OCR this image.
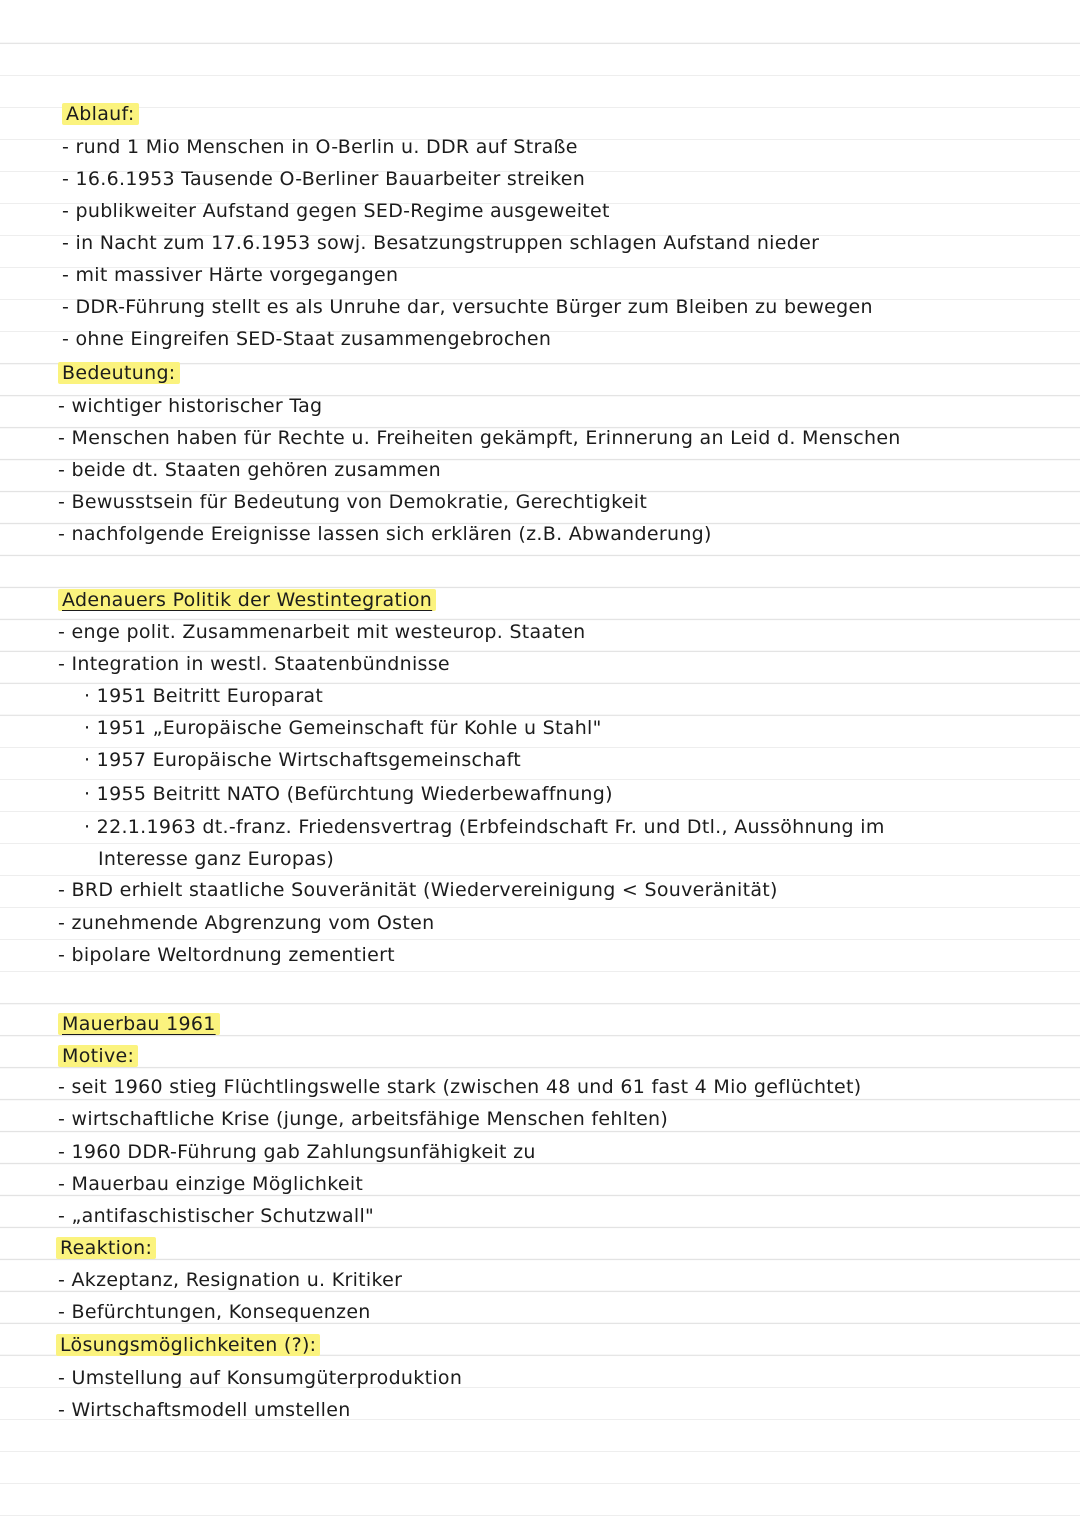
Ablauf:
- rund 1 Mio Menschen in O-Berlin u. DDR auf Straße
- 16.6.1953 Tausende O-Berliner Bauarbeiter streiken
- publikweiter Aufstand gegen SED-Regime ausgeweitet
- in Nacht zum 17.6.1953 sowj. Besatzungstruppen schlagen Aufstand nieder
- mit massiver Härte vorgegangen
- DDR-Führung stellt es als Unruhe dar, versuchte Bürger zum Bleiben zu bewegen
- ohne Eingreifen SED-Staat zusammengebrochen
Bedeutung:
- wichtiger historischer Tag
- Menschen haben für Rechte u. Freiheiten gekämpft, Erinnerung an Leid d. Menschen
- beide dt. Staaten gehören zusammen
- Bewusstsein für Bedeutung von Demokratie, Gerechtigkeit
- nachfolgende Ereignisse lassen sich erklären (z.B. Abwanderung)
Adenauers Politik der Westintegration
- enge polit. Zusammenarbeit mit westeurop. Staaten
- Integration in westl. Staatenbündnisse
· 1951 Beitritt Europarat
· 1951 „Europäische Gemeinschaft für Kohle u Stahl"
· 1957 Europäische Wirtschaftsgemeinschaft
· 1955 Beitritt NATO (Befürchtung Wiederbewaffnung)
· 22.1.1963 dt.-franz. Friedensvertrag (Erbfeindschaft Fr. und Dtl., Aussöhnung im
Interesse ganz Europas)
- BRD erhielt staatliche Souveränität (Wiedervereinigung < Souveränität)
- zunehmende Abgrenzung vom Osten
- bipolare Weltordnung zementiert
Mauerbau 1961
Motive:
- seit 1960 stieg Flüchtlingswelle stark (zwischen 48 und 61 fast 4 Mio geflüchtet)
- wirtschaftliche Krise (junge, arbeitsfähige Menschen fehlten)
- 1960 DDR-Führung gab Zahlungsunfähigkeit zu
- Mauerbau einzige Möglichkeit
- „antifaschistischer Schutzwall"
Reaktion:
- Akzeptanz, Resignation u. Kritiker
- Befürchtungen, Konsequenzen
Lösungsmöglichkeiten (?):
- Umstellung auf Konsumgüterproduktion
- Wirtschaftsmodell umstellen
